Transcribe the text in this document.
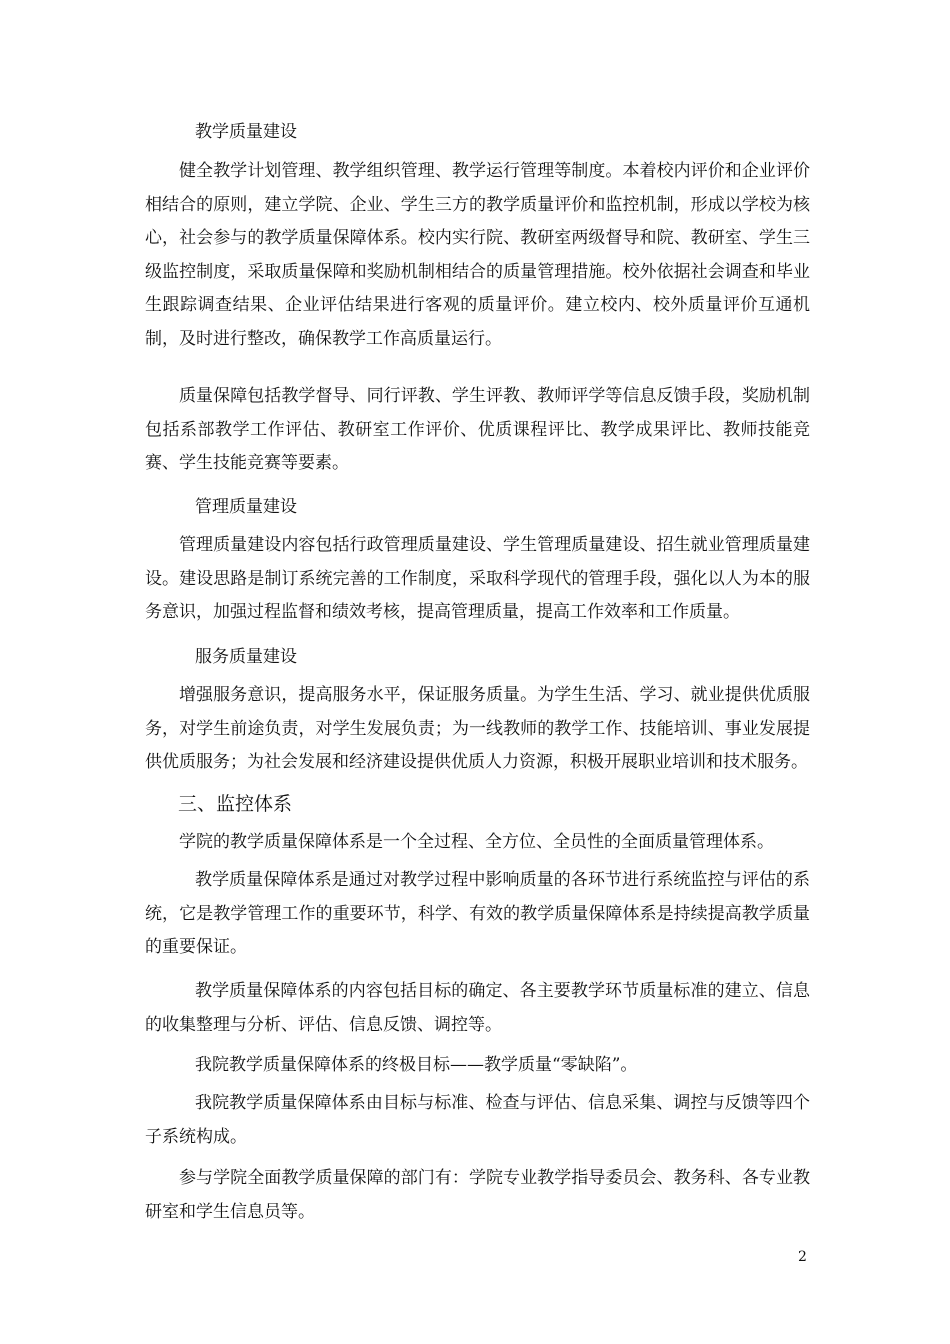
教学质量建设

健全教学计划管理、教学组织管理、教学运行管理等制度。本着校内评价和企业评价相结合的原则，建立学院、企业、学生三方的教学质量评价和监控机制，形成以学校为核心，社会参与的教学质量保障体系。校内实行院、教研室两级督导和院、教研室、学生三级监控制度，采取质量保障和奖励机制相结合的质量管理措施。校外依据社会调查和毕业生跟踪调查结果、企业评估结果进行客观的质量评价。建立校内、校外质量评价互通机制，及时进行整改，确保教学工作高质量运行。

质量保障包括教学督导、同行评教、学生评教、教师评学等信息反馈手段，奖励机制包括系部教学工作评估、教研室工作评价、优质课程评比、教学成果评比、教师技能竞赛、学生技能竞赛等要素。

管理质量建设

管理质量建设内容包括行政管理质量建设、学生管理质量建设、招生就业管理质量建设。建设思路是制订系统完善的工作制度，采取科学现代的管理手段，强化以人为本的服务意识，加强过程监督和绩效考核，提高管理质量，提高工作效率和工作质量。

服务质量建设

增强服务意识，提高服务水平，保证服务质量。为学生生活、学习、就业提供优质服务，对学生前途负责，对学生发展负责；为一线教师的教学工作、技能培训、事业发展提供优质服务；为社会发展和经济建设提供优质人力资源，积极开展职业培训和技术服务。

三、监控体系

学院的教学质量保障体系是一个全过程、全方位、全员性的全面质量管理体系。

教学质量保障体系是通过对教学过程中影响质量的各环节进行系统监控与评估的系统，它是教学管理工作的重要环节，科学、有效的教学质量保障体系是持续提高教学质量的重要保证。

教学质量保障体系的内容包括目标的确定、各主要教学环节质量标准的建立、信息的收集整理与分析、评估、信息反馈、调控等。

我院教学质量保障体系的终极目标——教学质量“零缺陷”。

我院教学质量保障体系由目标与标准、检查与评估、信息采集、调控与反馈等四个子系统构成。

参与学院全面教学质量保障的部门有：学院专业教学指导委员会、教务科、各专业教研室和学生信息员等。

2
